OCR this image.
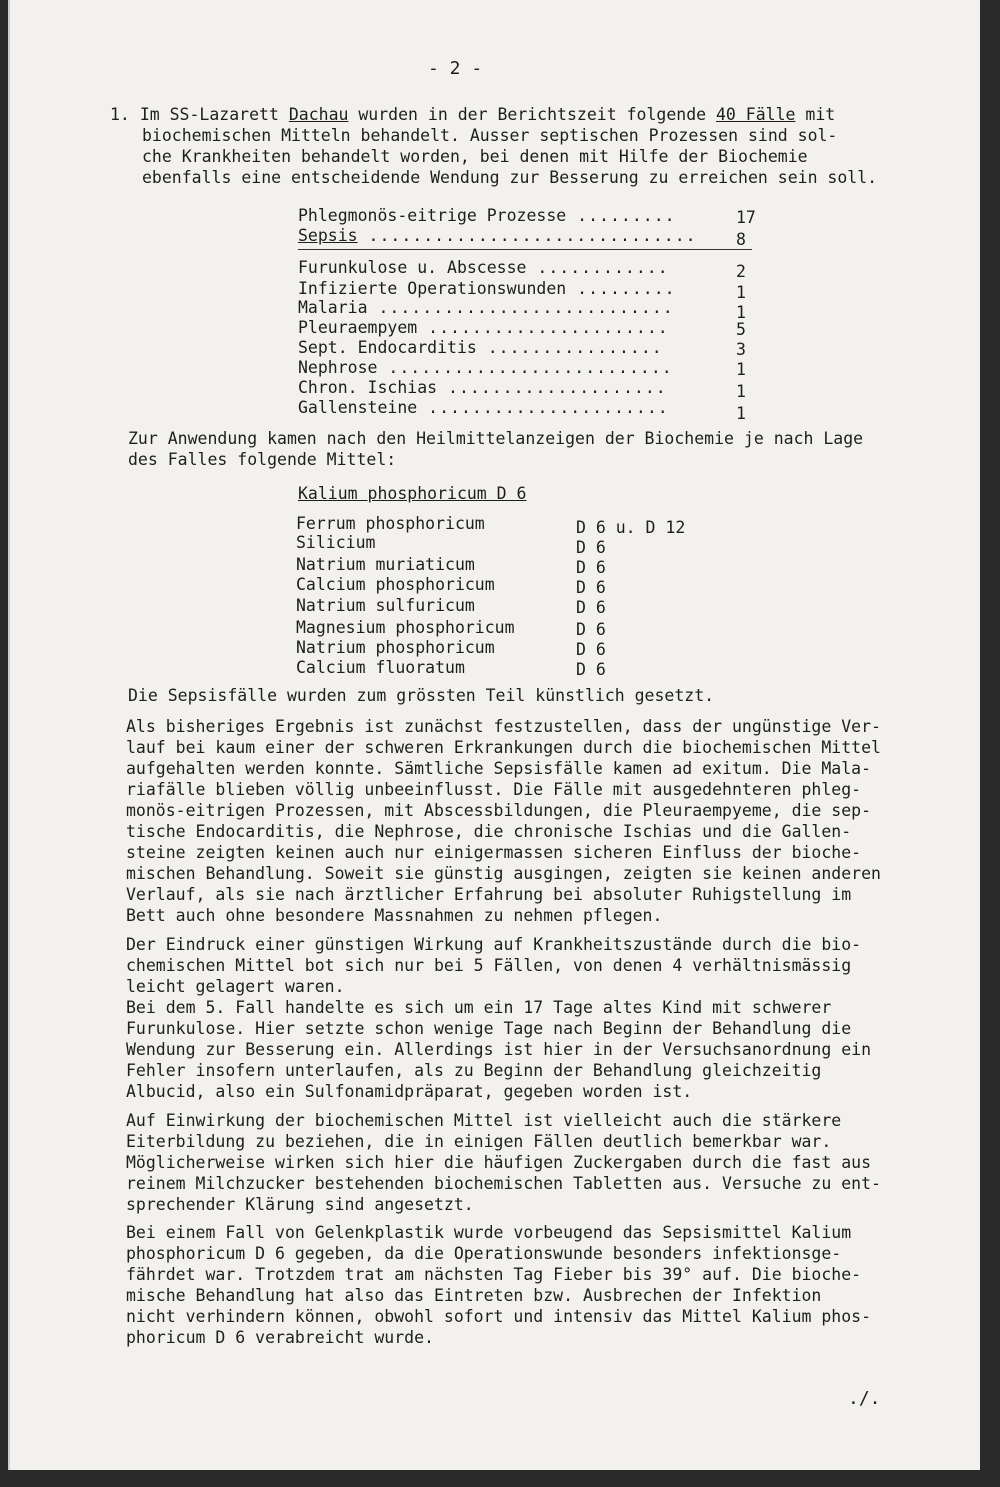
- 2 -
1. Im SS-Lazarett Dachau wurden in der Berichtszeit folgende 40 Fälle mit
biochemischen Mitteln behandelt. Ausser septischen Prozessen sind sol-
che Krankheiten behandelt worden, bei denen mit Hilfe der Biochemie
ebenfalls eine entscheidende Wendung zur Besserung zu erreichen sein soll.
Phlegmonös-eitrige Prozesse .........	17
Sepsis .............................. 8
Furunkulose u. Abscesse ............	2
Infizierte Operationswunden .........	1
Malaria ...........................	1
Pleuraempyem ......................	5
Sept. Endocarditis ................	3
Nephrose ..........................	1
Chron. Ischias ....................	1
Gallensteine ......................	1
Zur Anwendung kamen nach den Heilmittelanzeigen der Biochemie je nach Lage
des Falles folgende Mittel:
Kalium phosphoricum D 6
Ferrum phosphoricum	D 6 u. D 12
Silicium	D 6
Natrium muriaticum	D 6
Calcium phosphoricum	D 6
Natrium sulfuricum	D 6
Magnesium phosphoricum	D 6
Natrium phosphoricum	D 6
Calcium fluoratum	D 6
Die Sepsisfälle wurden zum grössten Teil künstlich gesetzt.
Als bisheriges Ergebnis ist zunächst festzustellen, dass der ungünstige Ver-
lauf bei kaum einer der schweren Erkrankungen durch die biochemischen Mittel
aufgehalten werden konnte. Sämtliche Sepsisfälle kamen ad exitum. Die Mala-
riafälle blieben völlig unbeeinflusst. Die Fälle mit ausgedehnteren phleg-
monös-eitrigen Prozessen, mit Abscessbildungen, die Pleuraempyeme, die sep-
tische Endocarditis, die Nephrose, die chronische Ischias und die Gallen-
steine zeigten keinen auch nur einigermassen sicheren Einfluss der bioche-
mischen Behandlung. Soweit sie günstig ausgingen, zeigten sie keinen anderen
Verlauf, als sie nach ärztlicher Erfahrung bei absoluter Ruhigstellung im
Bett auch ohne besondere Massnahmen zu nehmen pflegen.
Der Eindruck einer günstigen Wirkung auf Krankheitszustände durch die bio-
chemischen Mittel bot sich nur bei 5 Fällen, von denen 4 verhältnismässig
leicht gelagert waren.
Bei dem 5. Fall handelte es sich um ein 17 Tage altes Kind mit schwerer
Furunkulose. Hier setzte schon wenige Tage nach Beginn der Behandlung die
Wendung zur Besserung ein. Allerdings ist hier in der Versuchsanordnung ein
Fehler insofern unterlaufen, als zu Beginn der Behandlung gleichzeitig
Albucid, also ein Sulfonamidpräparat, gegeben worden ist.
Auf Einwirkung der biochemischen Mittel ist vielleicht auch die stärkere
Eiterbildung zu beziehen, die in einigen Fällen deutlich bemerkbar war.
Möglicherweise wirken sich hier die häufigen Zuckergaben durch die fast aus
reinem Milchzucker bestehenden biochemischen Tabletten aus. Versuche zu ent-
sprechender Klärung sind angesetzt.
Bei einem Fall von Gelenkplastik wurde vorbeugend das Sepsismittel Kalium
phosphoricum D 6 gegeben, da die Operationswunde besonders infektionsge-
fährdet war. Trotzdem trat am nächsten Tag Fieber bis 39° auf. Die bioche-
mische Behandlung hat also das Eintreten bzw. Ausbrechen der Infektion
nicht verhindern können, obwohl sofort und intensiv das Mittel Kalium phos-
phoricum D 6 verabreicht wurde.
./.
